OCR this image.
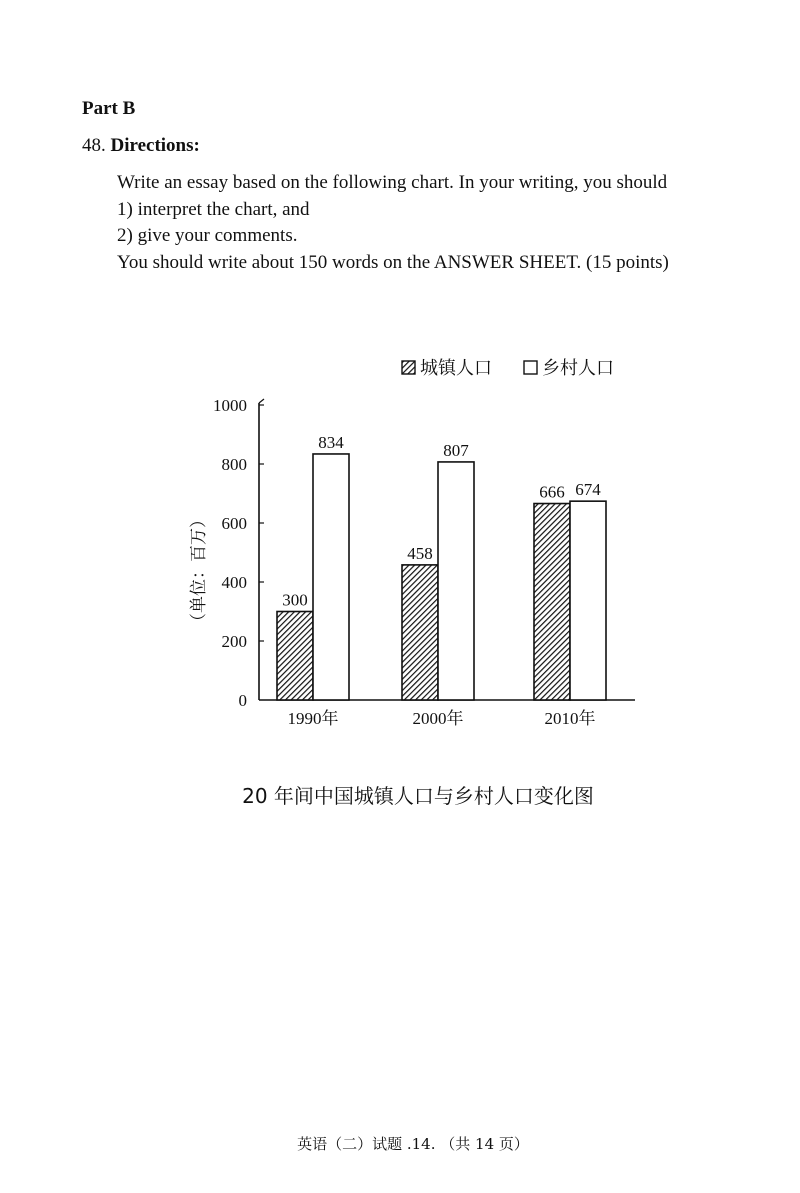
Part B
48. Directions:
Write an essay based on the following chart. In your writing, you should
1) interpret the chart, and
2) give your comments.
You should write about 150 words on the ANSWER SHEET. (15 points)
城镇人口	乡村人口
0
200
400
600
800
1000
（单位：百万）
1990年	2000年	2010年
300
834
458
807
666 674
20 年间中国城镇人口与乡村人口变化图
英语（二）试题 .14. （共 14 页）
